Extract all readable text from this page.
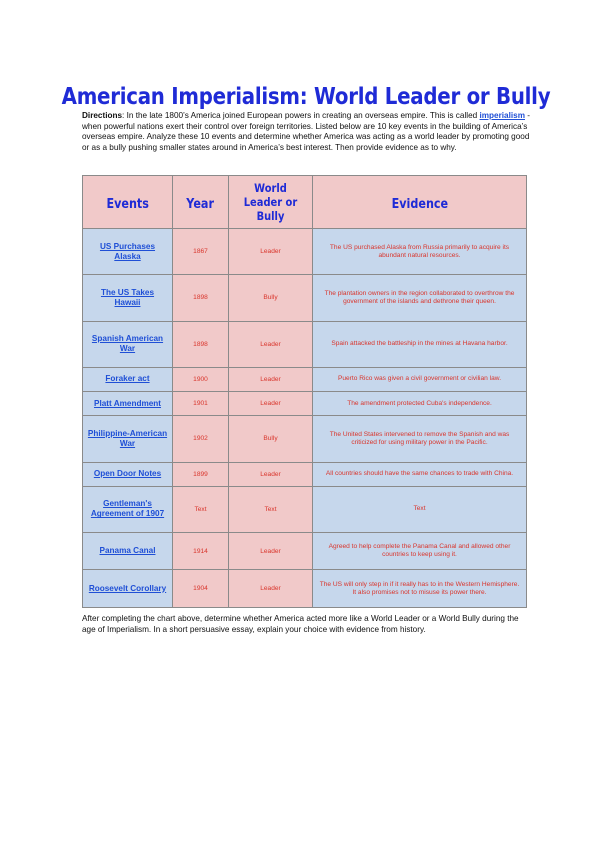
American Imperialism: World Leader or Bully
Directions: In the late 1800’s America joined European powers in creating an overseas empire. This is called imperialism - when powerful nations exert their control over foreign territories. Listed below are 10 key events in the building of America’s overseas empire. Analyze these 10 events and determine whether America was acting as a world leader by promoting good or as a bully pushing smaller states around in America’s best interest. Then provide evidence as to why.
Events	Year	World Leader or Bully	Evidence
US Purchases Alaska	1867	Leader	The US purchased Alaska from Russia primarily to acquire its abundant natural resources.
The US Takes Hawaii	1898	Bully	The plantation owners in the region collaborated to overthrow the government of the islands and dethrone their queen.
Spanish American War	1898	Leader	Spain attacked the battleship in the mines at Havana harbor.
Foraker act	1900	Leader	Puerto Rico was given a civil government or civilian law.
Platt Amendment	1901	Leader	The amendment protected Cuba's independence.
Philippine-American War	1902	Bully	The United States intervened to remove the Spanish and was criticized for using military power in the Pacific.
Open Door Notes	1899	Leader	All countries should have the same chances to trade with China.
Gentleman's Agreement of 1907	Text	Text	Text
Panama Canal	1914	Leader	Agreed to help complete the Panama Canal and allowed other countries to keep using it.
Roosevelt Corollary	1904	Leader	The US will only step in if it really has to in the Western Hemisphere. It also promises not to misuse its power there.
After completing the chart above, determine whether America acted more like a World Leader or a World Bully during the age of Imperialism. In a short persuasive essay, explain your choice with evidence from history.
